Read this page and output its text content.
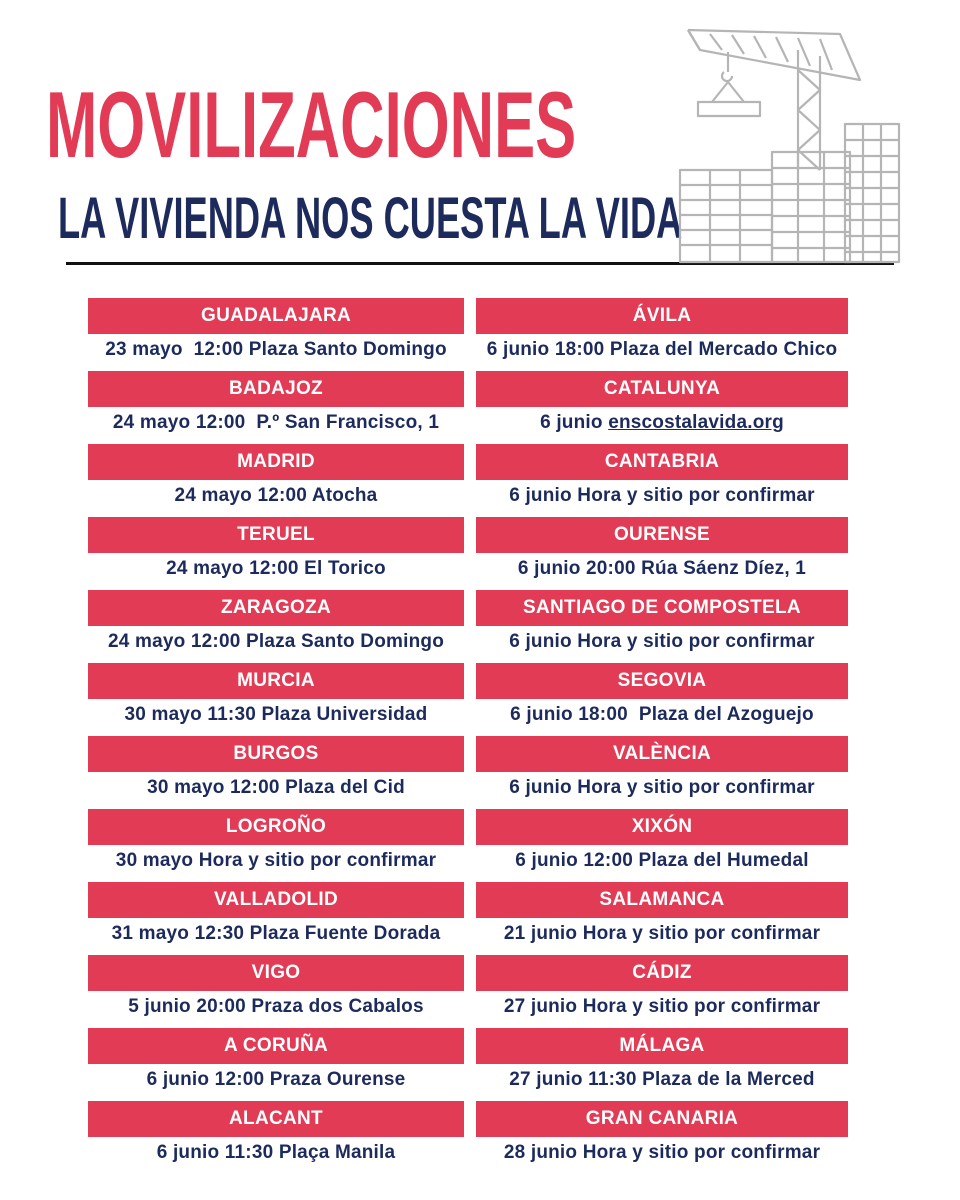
MOVILIZACIONES
LA VIVIENDA NOS CUESTA LA VIDA
GUADALAJARA
23 mayo  12:00 Plaza Santo Domingo
BADAJOZ
24 mayo 12:00  P.º San Francisco, 1
MADRID
24 mayo 12:00 Atocha
TERUEL
24 mayo 12:00 El Torico
ZARAGOZA
24 mayo 12:00 Plaza Santo Domingo
MURCIA
30 mayo 11:30 Plaza Universidad
BURGOS
30 mayo 12:00 Plaza del Cid
LOGROÑO
30 mayo Hora y sitio por confirmar
VALLADOLID
31 mayo 12:30 Plaza Fuente Dorada
VIGO
5 junio 20:00 Praza dos Cabalos
A CORUÑA
6 junio 12:00 Praza Ourense
ALACANT
6 junio 11:30 Plaça Manila
ÁVILA
6 junio 18:00 Plaza del Mercado Chico
CATALUNYA
6 junio enscostalavida.org
CANTABRIA
6 junio Hora y sitio por confirmar
OURENSE
6 junio 20:00 Rúa Sáenz Díez, 1
SANTIAGO DE COMPOSTELA
6 junio Hora y sitio por confirmar
SEGOVIA
6 junio 18:00  Plaza del Azoguejo
VALÈNCIA
6 junio Hora y sitio por confirmar
XIXÓN
6 junio 12:00 Plaza del Humedal
SALAMANCA
21 junio Hora y sitio por confirmar
CÁDIZ
27 junio Hora y sitio por confirmar
MÁLAGA
27 junio 11:30 Plaza de la Merced
GRAN CANARIA
28 junio Hora y sitio por confirmar
